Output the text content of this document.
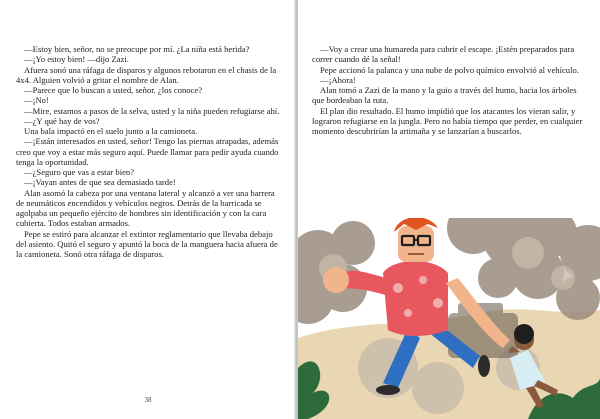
—Estoy bien, señor, no se preocupe por mí. ¿La niña está herida?

—¡Yo estoy bien! —dijo Zazi.

Afuera sonó una ráfaga de disparos y algunos rebotaron en el chasis de la 4x4. Alguien volvió a gritar el nombre de Alan.

—Parece que lo buscan a usted, señor. ¿los conoce?

—¡No!

—Mire, estamos a pasos de la selva, usted y la niña pueden refugiarse ahí.

—¿Y qué hay de vos?

Una bala impactó en el suelo junto a la camioneta.

—¡Están interesados en usted, señor! Tengo las piernas atrapadas, además creo que voy a estar más seguro aquí. Puede llamar para pedir ayuda cuando tenga la oportunidad.

—¿Seguro que vas a estar bien?

—¡Vayan antes de que sea demasiado tarde!

Alan asomó la cabeza por una ventana lateral y alcanzó a ver una barrera de neumáticos encendidos y vehículos negros. Detrás de la barricada se agolpaba un pequeño ejército de hombres sin identificación y con la cara cubierta. Todos estaban armados.

Pepe se estiró para alcanzar el extintor reglamentario que llevaba debajo del asiento. Quitó el seguro y apuntó la boca de la manguera hacia afuera de la camioneta. Sonó otra ráfaga de disparos.

38

—Voy a crear una humareda para cubrir el escape. ¡Estén preparados para correr cuando dé la señal!

Pepe accionó la palanca y una nube de polvo químico envolvió al vehículo.

—¡Ahora!

Alan tomó a Zazi de la mano y la guio a través del humo, hacia los árboles que bordeaban la ruta.

El plan dio resultado. El humo impidió que los atacantes los vieran salir, y lograron refugiarse en la jungla. Pero no había tiempo que perder, en cualquier momento descubrirían la artimaña y se lanzarían a buscarlos.
